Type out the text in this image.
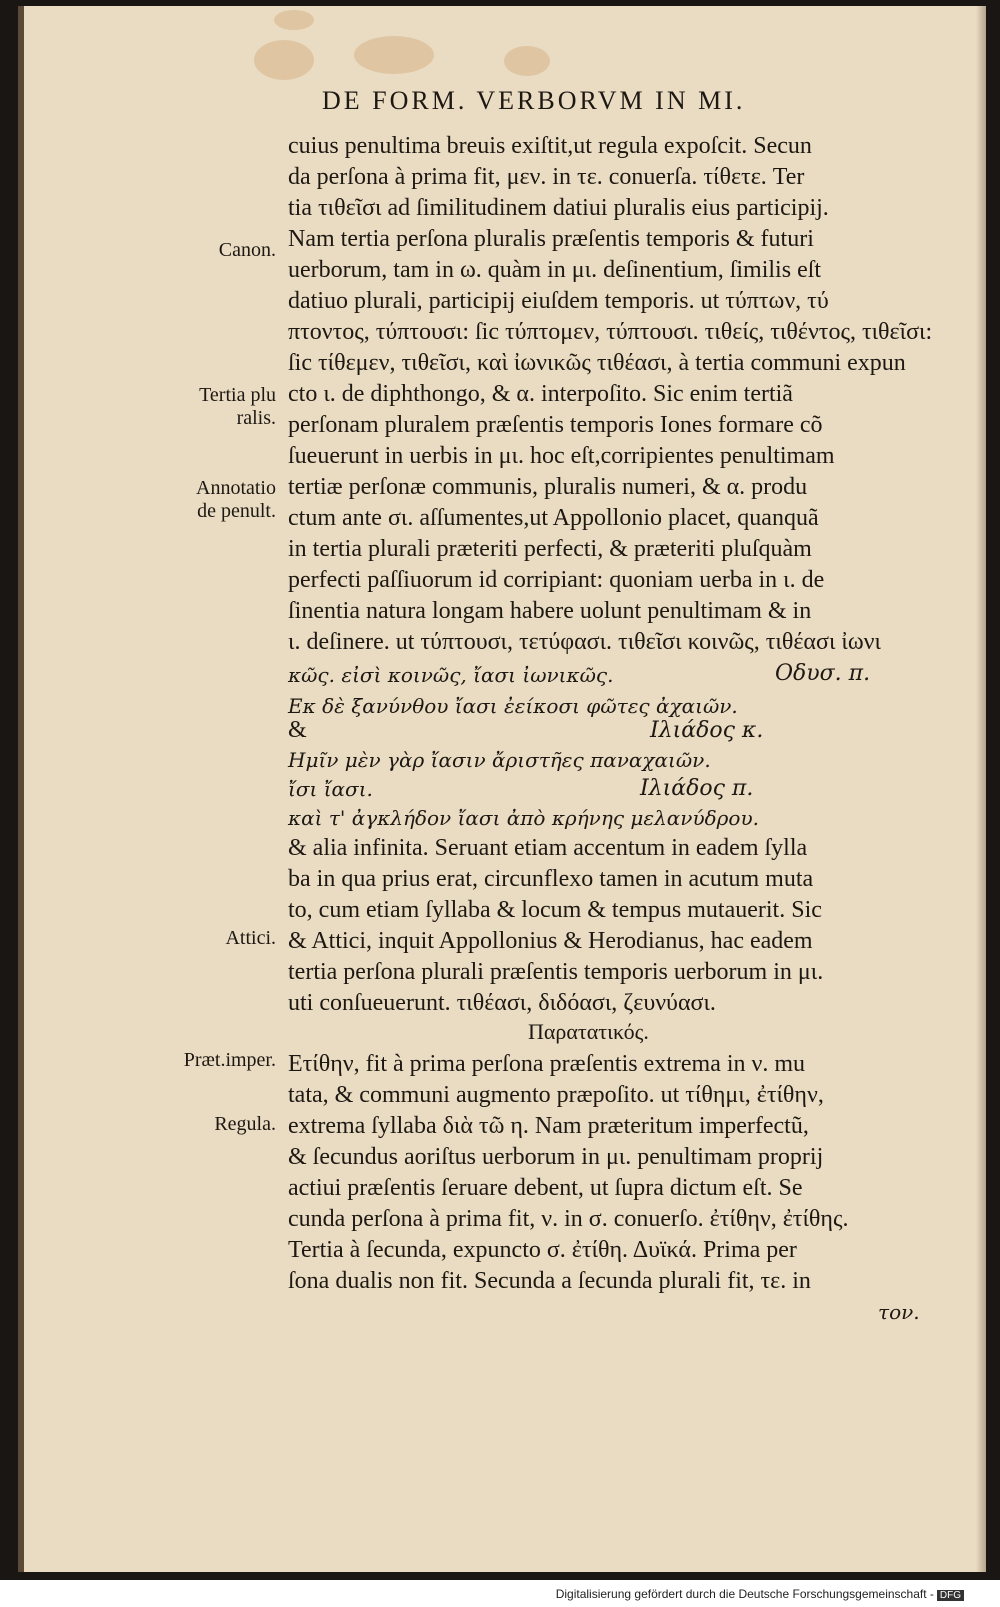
DE FORM. VERBORVM IN MI.
cuius penultima breuis exiſtit,ut regula expoſcit. Secun
da perſona à prima fit, μεν. in τε. conuerſa. τίθετε. Ter
tia τιθεῖσι ad ſimilitudinem datiui pluralis eius participij.
Nam tertia perſona pluralis præſentis temporis & futuri
uerborum, tam in ω. quàm in μι. deſinentium, ſimilis eſt
datiuo plurali, participij eiuſdem temporis. ut τύπτων, τύ
πτοντος, τύπτουσι: ſic τύπτομεν, τύπτουσι. τιθείς, τιθέντος, τιθεῖσι:
ſic τίθεμεν, τιθεῖσι, καὶ ἰωνικῶς τιθέασι, à tertia communi expun
cto ι. de diphthongo, & α. interpoſito. Sic enim tertiã
perſonam pluralem præſentis temporis Iones formare cõ
ſueuerunt in uerbis in μι. hoc eſt,corripientes penultimam
tertiæ perſonæ communis, pluralis numeri, & α. produ
ctum ante σι. aſſumentes,ut Appollonio placet, quanquã
in tertia plurali præteriti perfecti, & præteriti pluſquàm
perfecti paſſiuorum id corripiant: quoniam uerba in ι. de
ſinentia natura longam habere uolunt penultimam & in
ι. deſinere. ut τύπτουσι, τετύφασι. τιθεῖσι κοινῶς, τιθέασι ἰωνι
κῶς. εἰσὶ κοινῶς, ἴασι ἰωνικῶς.
Εκ δὲ ξανύνθου ἴασι ἐείκοσι φῶτες ἀχαιῶν.
&
Ημῖν μὲν γὰρ ἴασιν ἄριστῆες παναχαιῶν.
ἴσι ἴασι.
καὶ τ' ἀγκλήδον ἴασι ἀπὸ κρήνης μελανύδρου.
& alia infinita. Seruant etiam accentum in eadem ſylla
ba in qua prius erat, circunflexo tamen in acutum muta
to, cum etiam ſyllaba & locum & tempus mutauerit. Sic
& Attici, inquit Appollonius & Herodianus, hac eadem
tertia perſona plurali præſentis temporis uerborum in μι.
uti conſueuerunt. τιθέασι, διδόασι, ζευνύασι.
Παρατατικός.
Ετίθην, fit à prima perſona præſentis extrema in ν. mu
tata, & communi augmento præpoſito. ut τίθημι, ἐτίθην,
extrema ſyllaba διὰ τῶ η. Nam præteritum imperfectũ,
& ſecundus aoriſtus uerborum in μι. penultimam proprij
actiui præſentis ſeruare debent, ut ſupra dictum eſt. Se
cunda perſona à prima fit, ν. in σ. conuerſo. ἐτίθην, ἐτίθης.
Tertia à ſecunda, expuncto σ. ἐτίθη. Δυϊκά. Prima per
ſona dualis non fit. Secunda a ſecunda plurali fit, τε. in
τον.
Οδυσ. π.
Ιλιάδος κ.
Ιλιάδος π.
Canon.
Tertia plu
ralis.
Annotatio
de penult.
Attici.
Præt.imper.
Regula.
Digitalisierung gefördert durch die Deutsche Forschungsgemeinschaft - DFG
